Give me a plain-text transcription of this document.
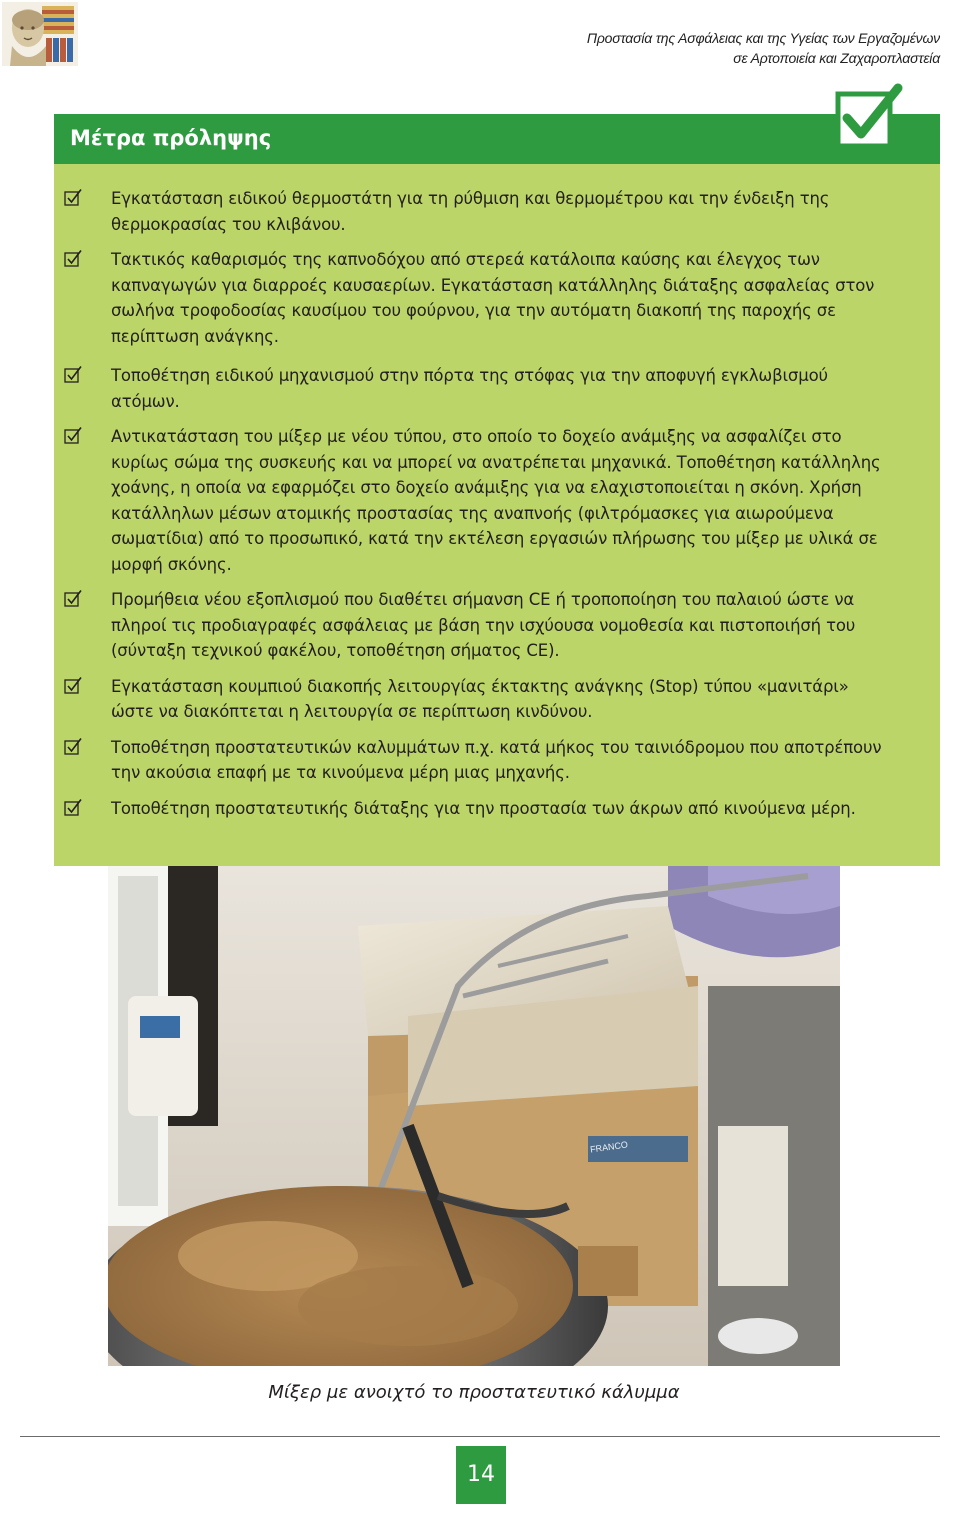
Προστασία της Ασφάλειας και της Υγείας των Εργαζομένων
σε Αρτοποιεία και Ζαχαροπλαστεία
Μέτρα πρόληψης
Εγκατάσταση ειδικού θερμοστάτη για τη ρύθμιση και θερμομέτρου και την ένδειξη της θερμοκρασίας του κλιβάνου.
Τακτικός καθαρισμός της καπνοδόχου από στερεά κατάλοιπα καύσης και έλεγχος των καπναγωγών για διαρροές καυσαερίων. Εγκατάσταση κατάλληλης διάταξης ασφαλείας στον σωλήνα τροφοδοσίας καυσίμου του φούρνου, για την αυτόματη διακοπή της παροχής σε περίπτωση ανάγκης.
Τοποθέτηση ειδικού μηχανισμού στην πόρτα της στόφας για την αποφυγή εγκλωβισμού ατόμων.
Αντικατάσταση του μίξερ με νέου τύπου, στο οποίο το δοχείο ανάμιξης να ασφαλίζει στο κυρίως σώμα της συσκευής και να μπορεί να ανατρέπεται μηχανικά. Τοποθέτηση κατάλληλης χοάνης, η οποία να εφαρμόζει στο δοχείο ανάμιξης για να ελαχιστοποιείται η σκόνη. Χρήση κατάλληλων μέσων ατομικής προστασίας της αναπνοής (φιλτρόμασκες για αιωρούμενα σωματίδια) από το προσωπικό, κατά την εκτέλεση εργασιών πλήρωσης του μίξερ με υλικά σε μορφή σκόνης.
Προμήθεια νέου εξοπλισμού που διαθέτει σήμανση CE ή τροποποίηση του παλαιού ώστε να πληροί τις προδιαγραφές ασφάλειας με βάση την ισχύουσα νομοθεσία και πιστοποιήσή του (σύνταξη τεχνικού φακέλου, τοποθέτηση σήματος CE).
Εγκατάσταση κουμπιού διακοπής λειτουργίας έκτακτης ανάγκης (Stop) τύπου «μανιτάρι» ώστε να διακόπτεται η λειτουργία σε περίπτωση κινδύνου.
Τοποθέτηση προστατευτικών καλυμμάτων π.χ. κατά μήκος του ταινιόδρομου που αποτρέπουν την ακούσια επαφή με τα κινούμενα μέρη μιας μηχανής.
Τοποθέτηση προστατευτικής διάταξης για την προστασία των άκρων από κινούμενα μέρη.
FRANCO

Μίξερ με ανοιχτό το προστατευτικό κάλυμμα

14
